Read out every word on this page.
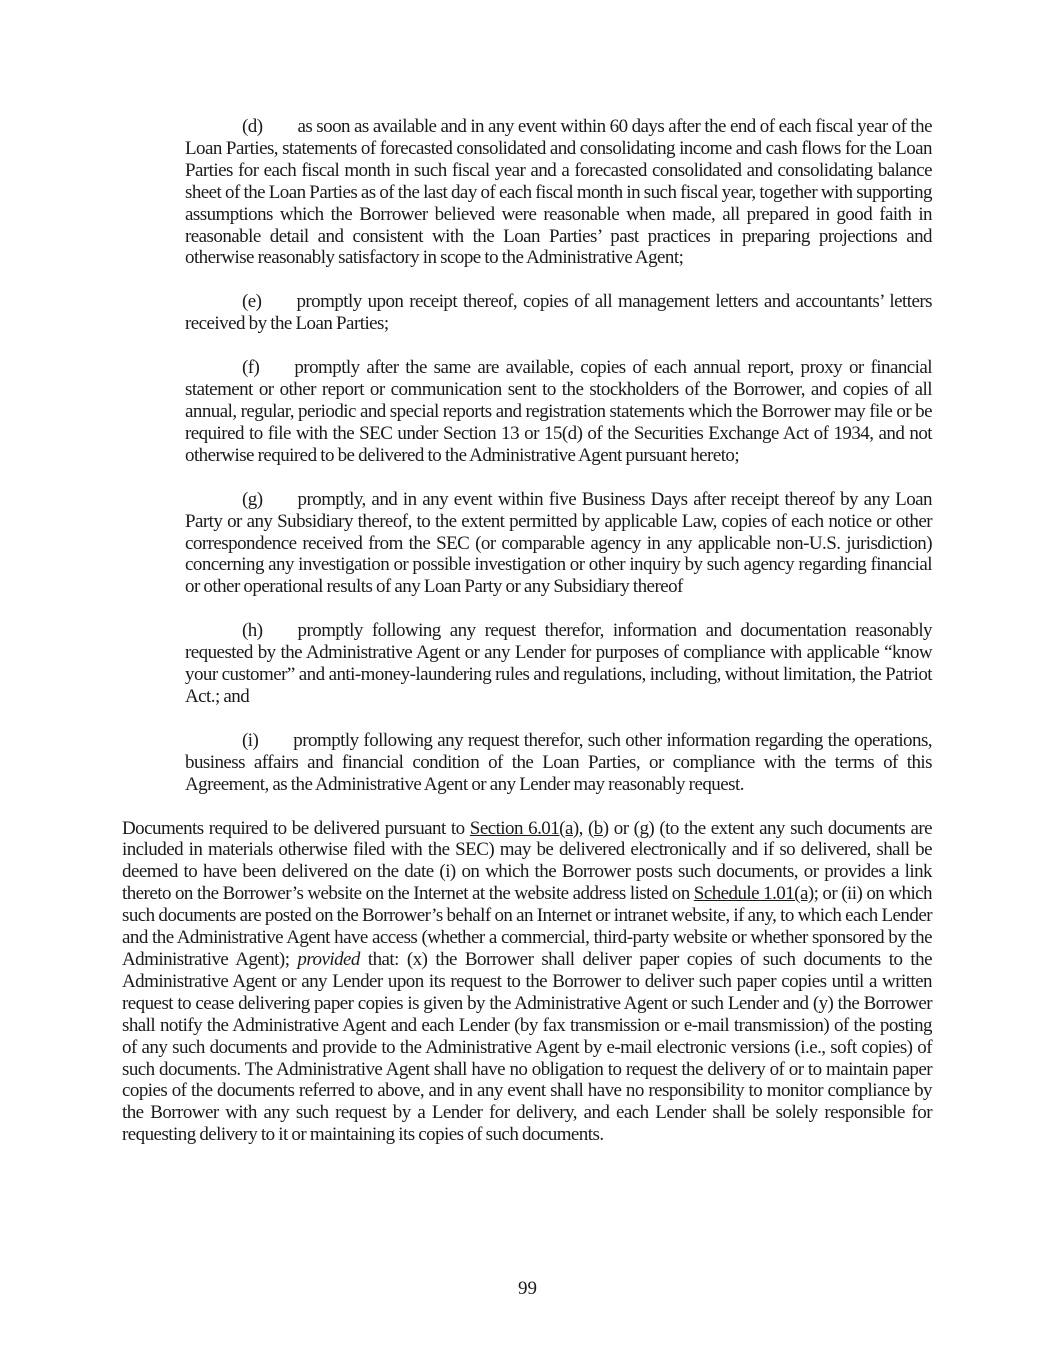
(d) as soon as available and in any event within 60 days after the end of each fiscal year of the Loan Parties, statements of forecasted consolidated and consolidating income and cash flows for the Loan Parties for each fiscal month in such fiscal year and a forecasted consolidated and consolidating balance sheet of the Loan Parties as of the last day of each fiscal month in such fiscal year, together with supporting assumptions which the Borrower believed were reasonable when made, all prepared in good faith in reasonable detail and consistent with the Loan Parties’ past practices in preparing projections and otherwise reasonably satisfactory in scope to the Administrative Agent;

(e) promptly upon receipt thereof, copies of all management letters and accountants’ letters received by the Loan Parties;

(f) promptly after the same are available, copies of each annual report, proxy or financial statement or other report or communication sent to the stockholders of the Borrower, and copies of all annual, regular, periodic and special reports and registration statements which the Borrower may file or be required to file with the SEC under Section 13 or 15(d) of the Securities Exchange Act of 1934, and not otherwise required to be delivered to the Administrative Agent pursuant hereto;

(g) promptly, and in any event within five Business Days after receipt thereof by any Loan Party or any Subsidiary thereof, to the extent permitted by applicable Law, copies of each notice or other correspondence received from the SEC (or comparable agency in any applicable non-U.S. jurisdiction) concerning any investigation or possible investigation or other inquiry by such agency regarding financial or other operational results of any Loan Party or any Subsidiary thereof

(h) promptly following any request therefor, information and documentation reasonably requested by the Administrative Agent or any Lender for purposes of compliance with applicable “know your customer” and anti-money-laundering rules and regulations, including, without limitation, the Patriot Act.; and

(i) promptly following any request therefor, such other information regarding the operations, business affairs and financial condition of the Loan Parties, or compliance with the terms of this Agreement, as the Administrative Agent or any Lender may reasonably request.

Documents required to be delivered pursuant to Section 6.01(a), (b) or (g) (to the extent any such documents are included in materials otherwise filed with the SEC) may be delivered electronically and if so delivered, shall be deemed to have been delivered on the date (i) on which the Borrower posts such documents, or provides a link thereto on the Borrower’s website on the Internet at the website address listed on Schedule 1.01(a); or (ii) on which such documents are posted on the Borrower’s behalf on an Internet or intranet website, if any, to which each Lender and the Administrative Agent have access (whether a commercial, third-party website or whether sponsored by the Administrative Agent); provided that: (x) the Borrower shall deliver paper copies of such documents to the Administrative Agent or any Lender upon its request to the Borrower to deliver such paper copies until a written request to cease delivering paper copies is given by the Administrative Agent or such Lender and (y) the Borrower shall notify the Administrative Agent and each Lender (by fax transmission or e-mail transmission) of the posting of any such documents and provide to the Administrative Agent by e-mail electronic versions (i.e., soft copies) of such documents. The Administrative Agent shall have no obligation to request the delivery of or to maintain paper copies of the documents referred to above, and in any event shall have no responsibility to monitor compliance by the Borrower with any such request by a Lender for delivery, and each Lender shall be solely responsible for requesting delivery to it or maintaining its copies of such documents.

99
